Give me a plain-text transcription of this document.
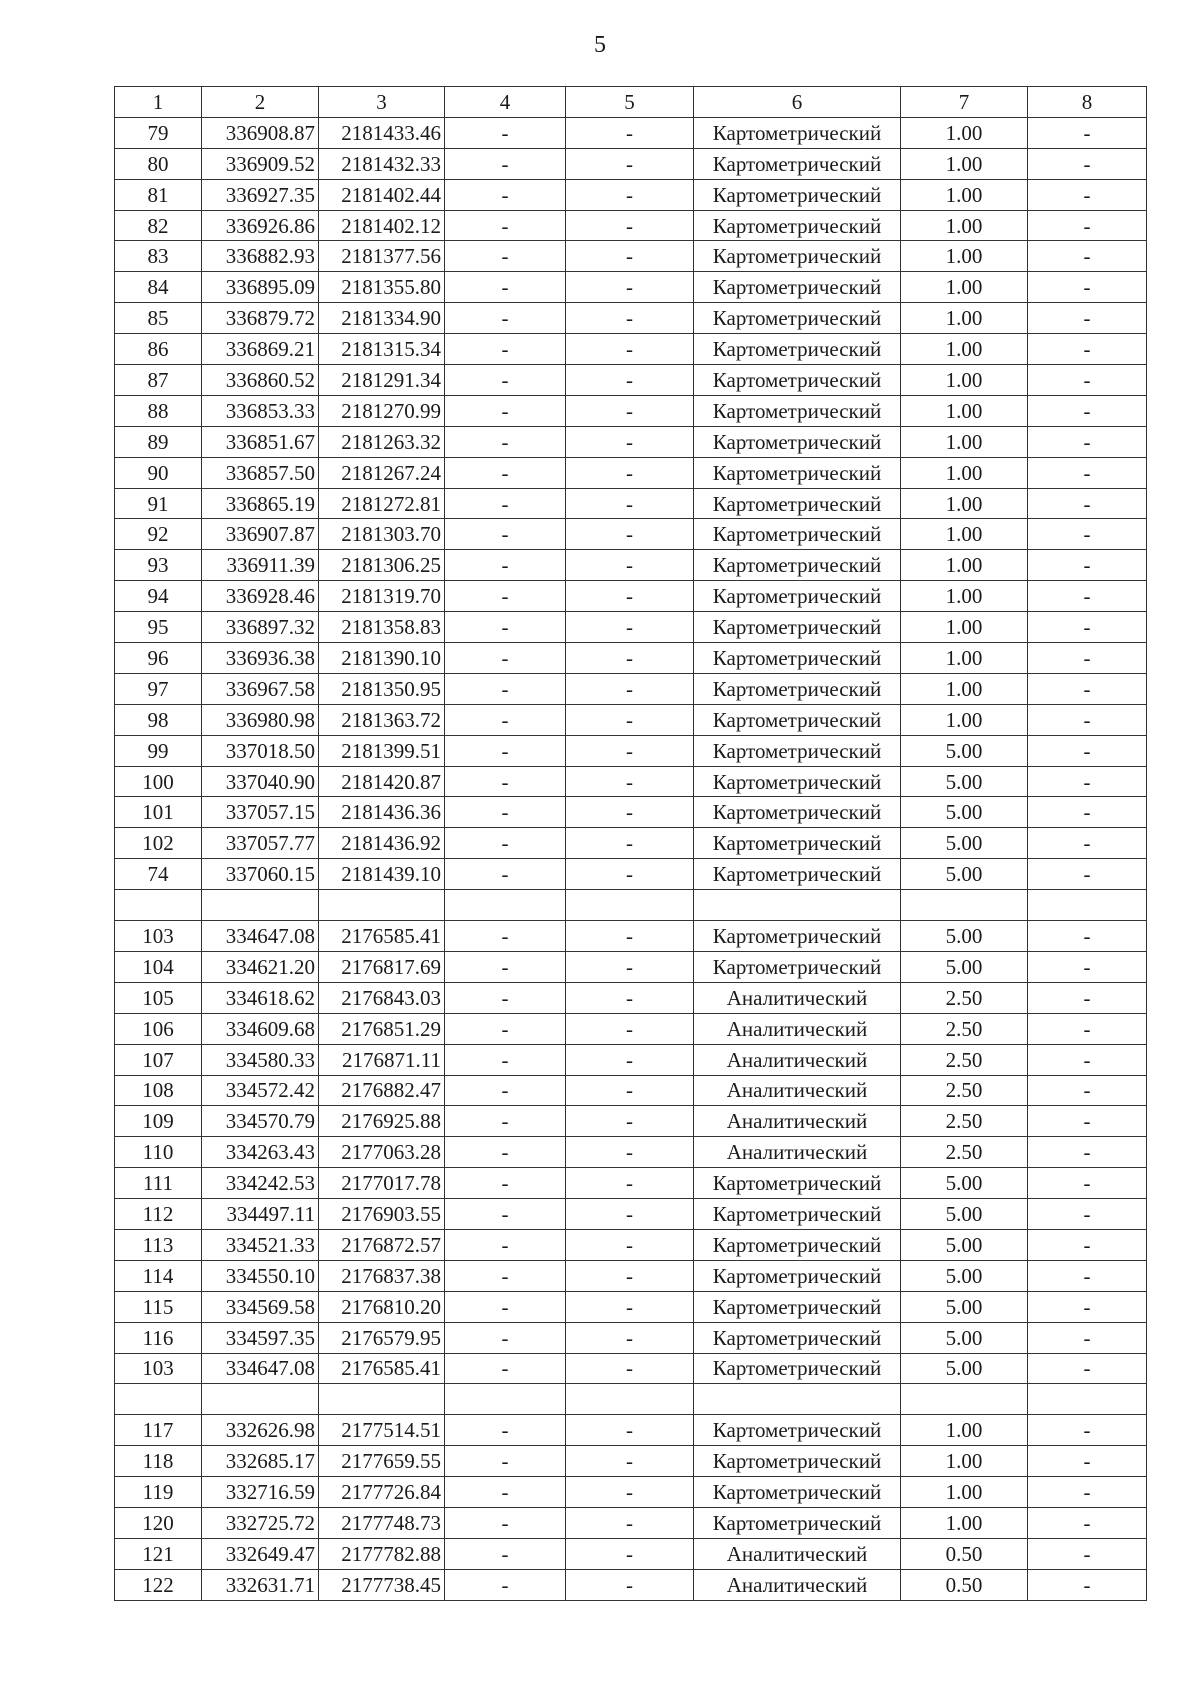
5
1	2	3	4	5	6	7	8
79	336908.87	2181433.46	-	-	Картометрический	1.00	-
80	336909.52	2181432.33	-	-	Картометрический	1.00	-
81	336927.35	2181402.44	-	-	Картометрический	1.00	-
82	336926.86	2181402.12	-	-	Картометрический	1.00	-
83	336882.93	2181377.56	-	-	Картометрический	1.00	-
84	336895.09	2181355.80	-	-	Картометрический	1.00	-
85	336879.72	2181334.90	-	-	Картометрический	1.00	-
86	336869.21	2181315.34	-	-	Картометрический	1.00	-
87	336860.52	2181291.34	-	-	Картометрический	1.00	-
88	336853.33	2181270.99	-	-	Картометрический	1.00	-
89	336851.67	2181263.32	-	-	Картометрический	1.00	-
90	336857.50	2181267.24	-	-	Картометрический	1.00	-
91	336865.19	2181272.81	-	-	Картометрический	1.00	-
92	336907.87	2181303.70	-	-	Картометрический	1.00	-
93	336911.39	2181306.25	-	-	Картометрический	1.00	-
94	336928.46	2181319.70	-	-	Картометрический	1.00	-
95	336897.32	2181358.83	-	-	Картометрический	1.00	-
96	336936.38	2181390.10	-	-	Картометрический	1.00	-
97	336967.58	2181350.95	-	-	Картометрический	1.00	-
98	336980.98	2181363.72	-	-	Картометрический	1.00	-
99	337018.50	2181399.51	-	-	Картометрический	5.00	-
100	337040.90	2181420.87	-	-	Картометрический	5.00	-
101	337057.15	2181436.36	-	-	Картометрический	5.00	-
102	337057.77	2181436.92	-	-	Картометрический	5.00	-
74	337060.15	2181439.10	-	-	Картометрический	5.00	-

103	334647.08	2176585.41	-	-	Картометрический	5.00	-
104	334621.20	2176817.69	-	-	Картометрический	5.00	-
105	334618.62	2176843.03	-	-	Аналитический	2.50	-
106	334609.68	2176851.29	-	-	Аналитический	2.50	-
107	334580.33	2176871.11	-	-	Аналитический	2.50	-
108	334572.42	2176882.47	-	-	Аналитический	2.50	-
109	334570.79	2176925.88	-	-	Аналитический	2.50	-
110	334263.43	2177063.28	-	-	Аналитический	2.50	-
111	334242.53	2177017.78	-	-	Картометрический	5.00	-
112	334497.11	2176903.55	-	-	Картометрический	5.00	-
113	334521.33	2176872.57	-	-	Картометрический	5.00	-
114	334550.10	2176837.38	-	-	Картометрический	5.00	-
115	334569.58	2176810.20	-	-	Картометрический	5.00	-
116	334597.35	2176579.95	-	-	Картометрический	5.00	-
103	334647.08	2176585.41	-	-	Картометрический	5.00	-

117	332626.98	2177514.51	-	-	Картометрический	1.00	-
118	332685.17	2177659.55	-	-	Картометрический	1.00	-
119	332716.59	2177726.84	-	-	Картометрический	1.00	-
120	332725.72	2177748.73	-	-	Картометрический	1.00	-
121	332649.47	2177782.88	-	-	Аналитический	0.50	-
122	332631.71	2177738.45	-	-	Аналитический	0.50	-
